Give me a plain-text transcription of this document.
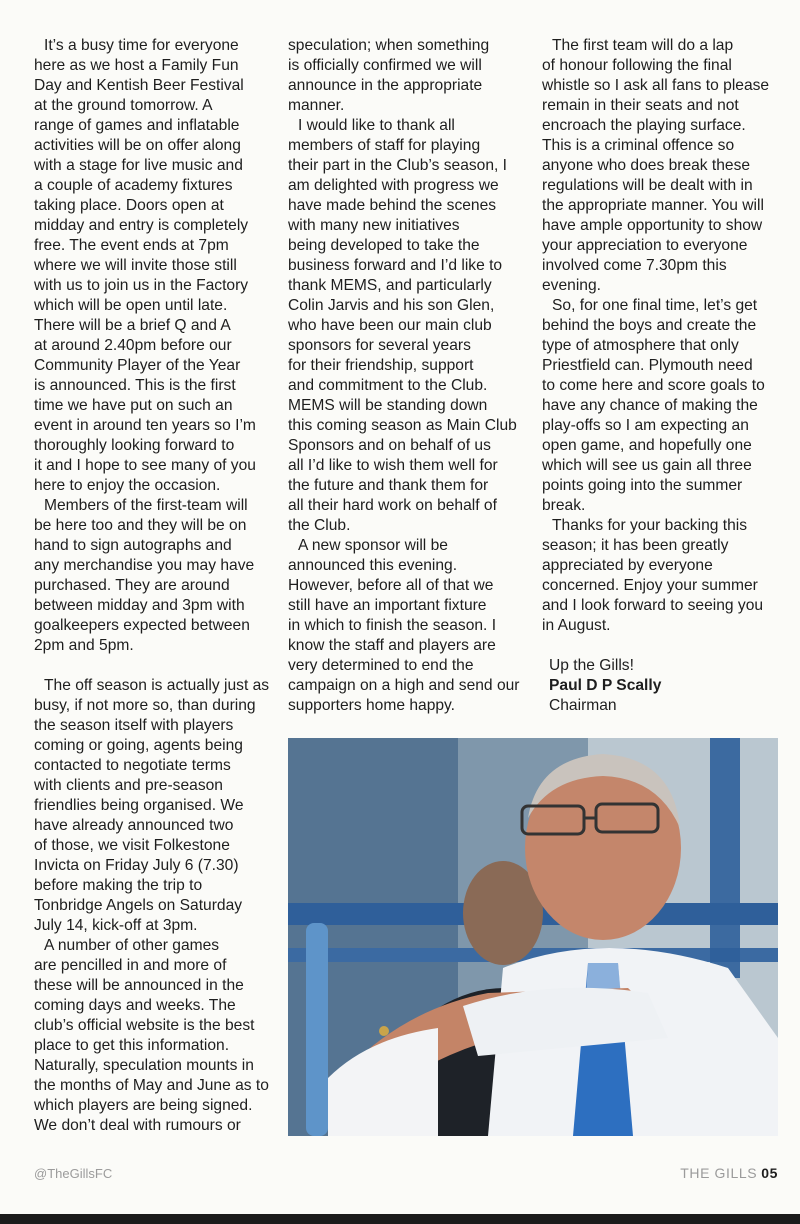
It’s a busy time for everyone
here as we host a Family Fun
Day and Kentish Beer Festival
at the ground tomorrow. A
range of games and inflatable
activities will be on offer along
with a stage for live music and
a couple of academy fixtures
taking place. Doors open at
midday and entry is completely
free. The event ends at 7pm
where we will invite those still
with us to join us in the Factory
which will be open until late.
There will be a brief Q and A
at around 2.40pm before our
Community Player of the Year
is announced. This is the first
time we have put on such an
event in around ten years so I’m
thoroughly looking forward to
it and I hope to see many of you
here to enjoy the occasion.

Members of the first-team will
be here too and they will be on
hand to sign autographs and
any merchandise you may have
purchased. They are around
between midday and 3pm with
goalkeepers expected between
2pm and 5pm.

The off season is actually just as
busy, if not more so, than during
the season itself with players
coming or going, agents being
contacted to negotiate terms
with clients and pre-season
friendlies being organised. We
have already announced two
of those, we visit Folkestone
Invicta on Friday July 6 (7.30)
before making the trip to
Tonbridge Angels on Saturday
July 14, kick-off at 3pm.

A number of other games
are pencilled in and more of
these will be announced in the
coming days and weeks. The
club’s official website is the best
place to get this information.
Naturally, speculation mounts in
the months of May and June as to
which players are being signed.
We don’t deal with rumours or

speculation; when something
is officially confirmed we will
announce in the appropriate
manner.

I would like to thank all
members of staff for playing
their part in the Club’s season, I
am delighted with progress we
have made behind the scenes
with many new initiatives
being developed to take the
business forward and I’d like to
thank MEMS, and particularly
Colin Jarvis and his son Glen,
who have been our main club
sponsors for several years
for their friendship, support
and commitment to the Club.
MEMS will be standing down
this coming season as Main Club
Sponsors and on behalf of us
all I’d like to wish them well for
the future and thank them for
all their hard work on behalf of
the Club.

A new sponsor will be
announced this evening.
However, before all of that we
still have an important fixture
in which to finish the season. I
know the staff and players are
very determined to end the
campaign on a high and send our
supporters home happy.

The first team will do a lap
of honour following the final
whistle so I ask all fans to please
remain in their seats and not
encroach the playing surface.
This is a criminal offence so
anyone who does break these
regulations will be dealt with in
the appropriate manner. You will
have ample opportunity to show
your appreciation to everyone
involved come 7.30pm this
evening.

So, for one final time, let’s get
behind the boys and create the
type of atmosphere that only
Priestfield can. Plymouth need
to come here and score goals to
have any chance of making the
play-offs so I am expecting an
open game, and hopefully one
which will see us gain all three
points going into the summer
break.

Thanks for your backing this
season; it has been greatly
appreciated by everyone
concerned. Enjoy your summer
and I look forward to seeing you
in August.

Up the Gills!
Paul D P Scally
Chairman
@TheGillsFC	THE GILLS 05
